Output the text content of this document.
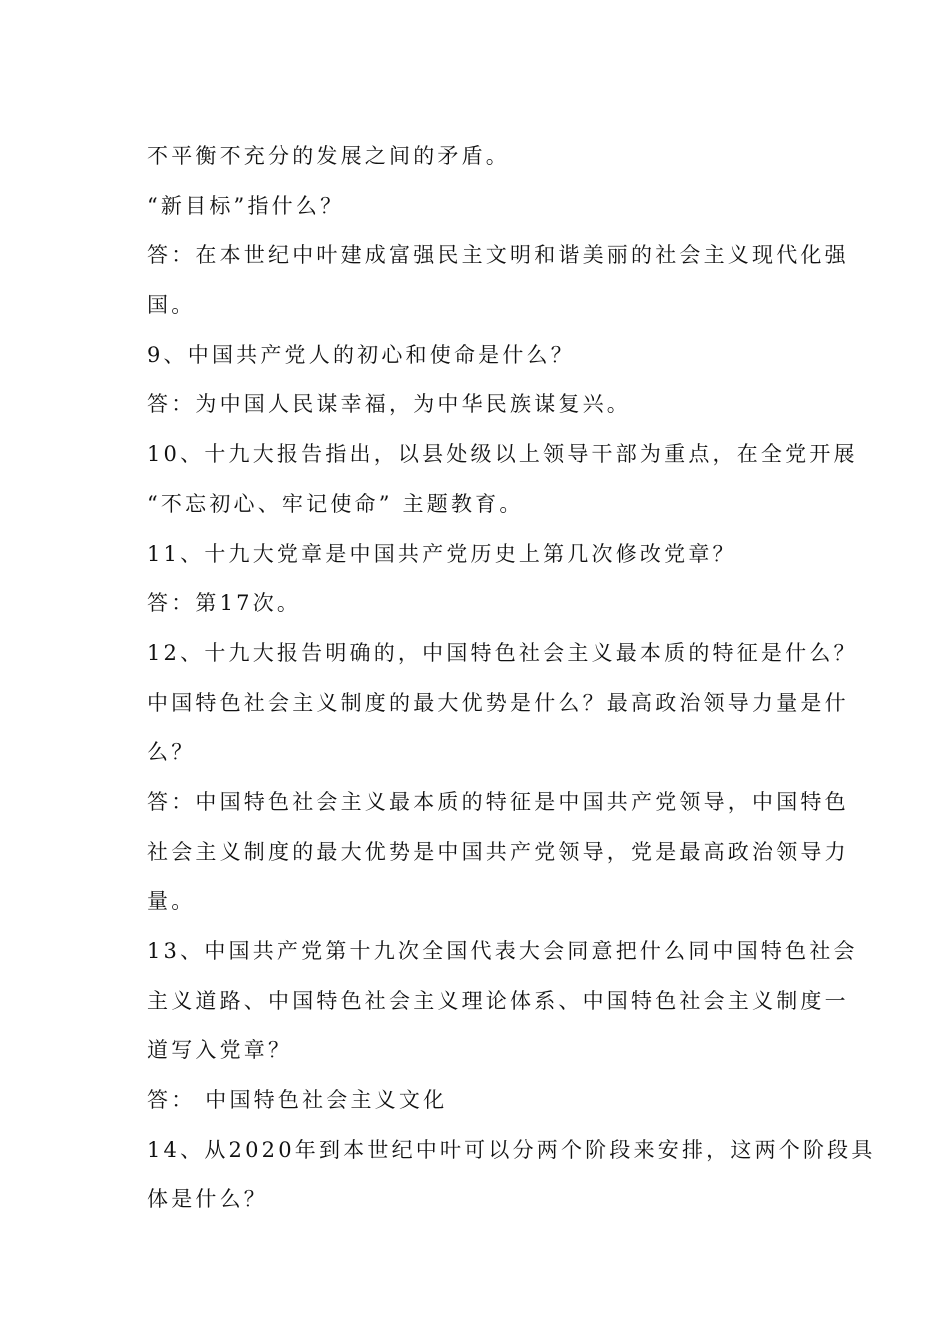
不平衡不充分的发展之间的矛盾。
“新目标”指什么？
答：在本世纪中叶建成富强民主文明和谐美丽的社会主义现代化强
国。
9、中国共产党人的初心和使命是什么？
答：为中国人民谋幸福，为中华民族谋复兴。
10、十九大报告指出，以县处级以上领导干部为重点，在全党开展
“不忘初心、牢记使命” 主题教育。
11、十九大党章是中国共产党历史上第几次修改党章？
答：第17次。
12、十九大报告明确的，中国特色社会主义最本质的特征是什么？
中国特色社会主义制度的最大优势是什么？最高政治领导力量是什
么？
答：中国特色社会主义最本质的特征是中国共产党领导，中国特色
社会主义制度的最大优势是中国共产党领导，党是最高政治领导力
量。
13、中国共产党第十九次全国代表大会同意把什么同中国特色社会
主义道路、中国特色社会主义理论体系、中国特色社会主义制度一
道写入党章？
答： 中国特色社会主义文化
14、从2020年到本世纪中叶可以分两个阶段来安排，这两个阶段具
体是什么？
